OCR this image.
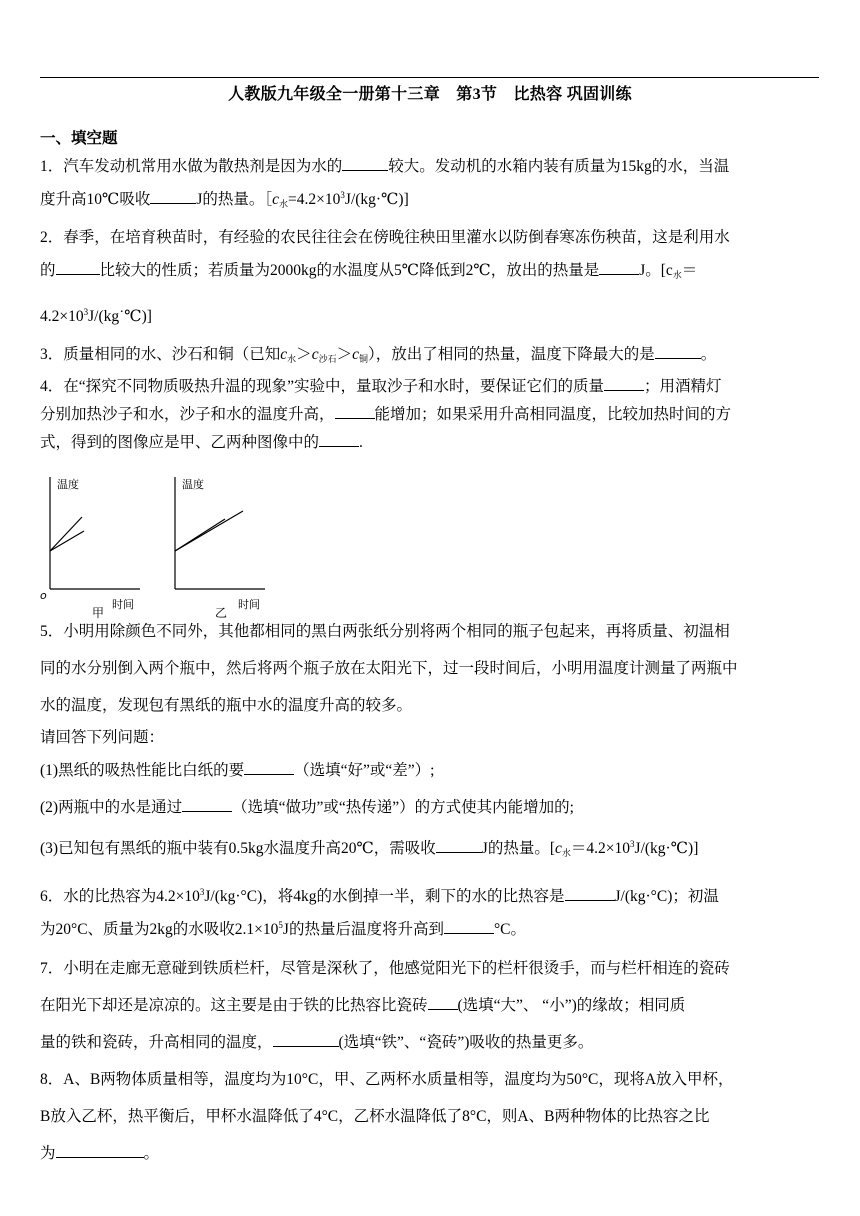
人教版九年级全一册第十三章　第3节　比热容 巩固训练

一、填空题

1．汽车发动机常用水做为散热剂是因为水的	较大。发动机的水箱内装有质量为15kg的水，当温

度升高10℃吸收	J的热量。$[c_水=4.2\times 10^3J/(kg\cdot℃)$]

2．春季，在培育秧苗时，有经验的农民往往会在傍晚往秧田里灌水以防倒春寒冻伤秧苗，这是利用水

的	比较大的性质；若质量为2000kg的水温度从5℃降低到2℃，放出的热量是	J。[$c_水=$

$4.2\times 10^3J/(kg˙℃)$]

3．质量相同的水、沙石和铜（已知$c_水>c_{沙石}>c_铜$），放出了相同的热量，温度下降最大的是	。

4．在“探究不同物质吸热升温的现象”实验中，量取沙子和水时，要保证它们的质量	；用酒精灯

分别加热沙子和水，沙子和水的温度升高，	能增加；如果采用升高相同温度，比较加热时间的方

式，得到的图像应是甲、乙两种图像中的	.

温度
o
时间
甲
温度
时间
乙

5．小明用除颜色不同外，其他都相同的黑白两张纸分别将两个相同的瓶子包起来，再将质量、初温相

同的水分别倒入两个瓶中，然后将两个瓶子放在太阳光下，过一段时间后，小明用温度计测量了两瓶中

水的温度，发现包有黑纸的瓶中水的温度升高的较多。

请回答下列问题：

(1)黑纸的吸热性能比白纸的要	（选填“好”或“差”）;

(2)两瓶中的水是通过	（选填“做功”或“热传递”）的方式使其内能增加的;

(3)已知包有黑纸的瓶中装有0.5kg水温度升高20℃，需吸收	J的热量。$[c_水=4.2\times 10^3J/(kg\cdot℃)]$

6．水的比热容为$4.2\times 10^3J/(kg\cdot^\circ C)$，将4kg的水倒掉一半，剩下的水的比热容是	J/(kg·°C)；初温

为20°C、质量为2kg的水吸收$2.1\times 10^5J$的热量后温度将升高到	°C。

7．小明在走廊无意碰到铁质栏杆，尽管是深秋了，他感觉阳光下的栏杆很烫手，而与栏杆相连的瓷砖

在阳光下却还是凉凉的。这主要是由于铁的比热容比瓷砖 (选填“大”、 “小”)的缘故；相同质

量的铁和瓷砖，升高相同的温度，	(选填“铁”、“瓷砖”)吸收的热量更多。

8．A、B两物体质量相等，温度均为10°C，甲、乙两杯水质量相等，温度均为50°C，现将A放入甲杯，

B放入乙杯，热平衡后，甲杯水温降低了4°C，乙杯水温降低了8°C，则A、B两种物体的比热容之比

为	。
